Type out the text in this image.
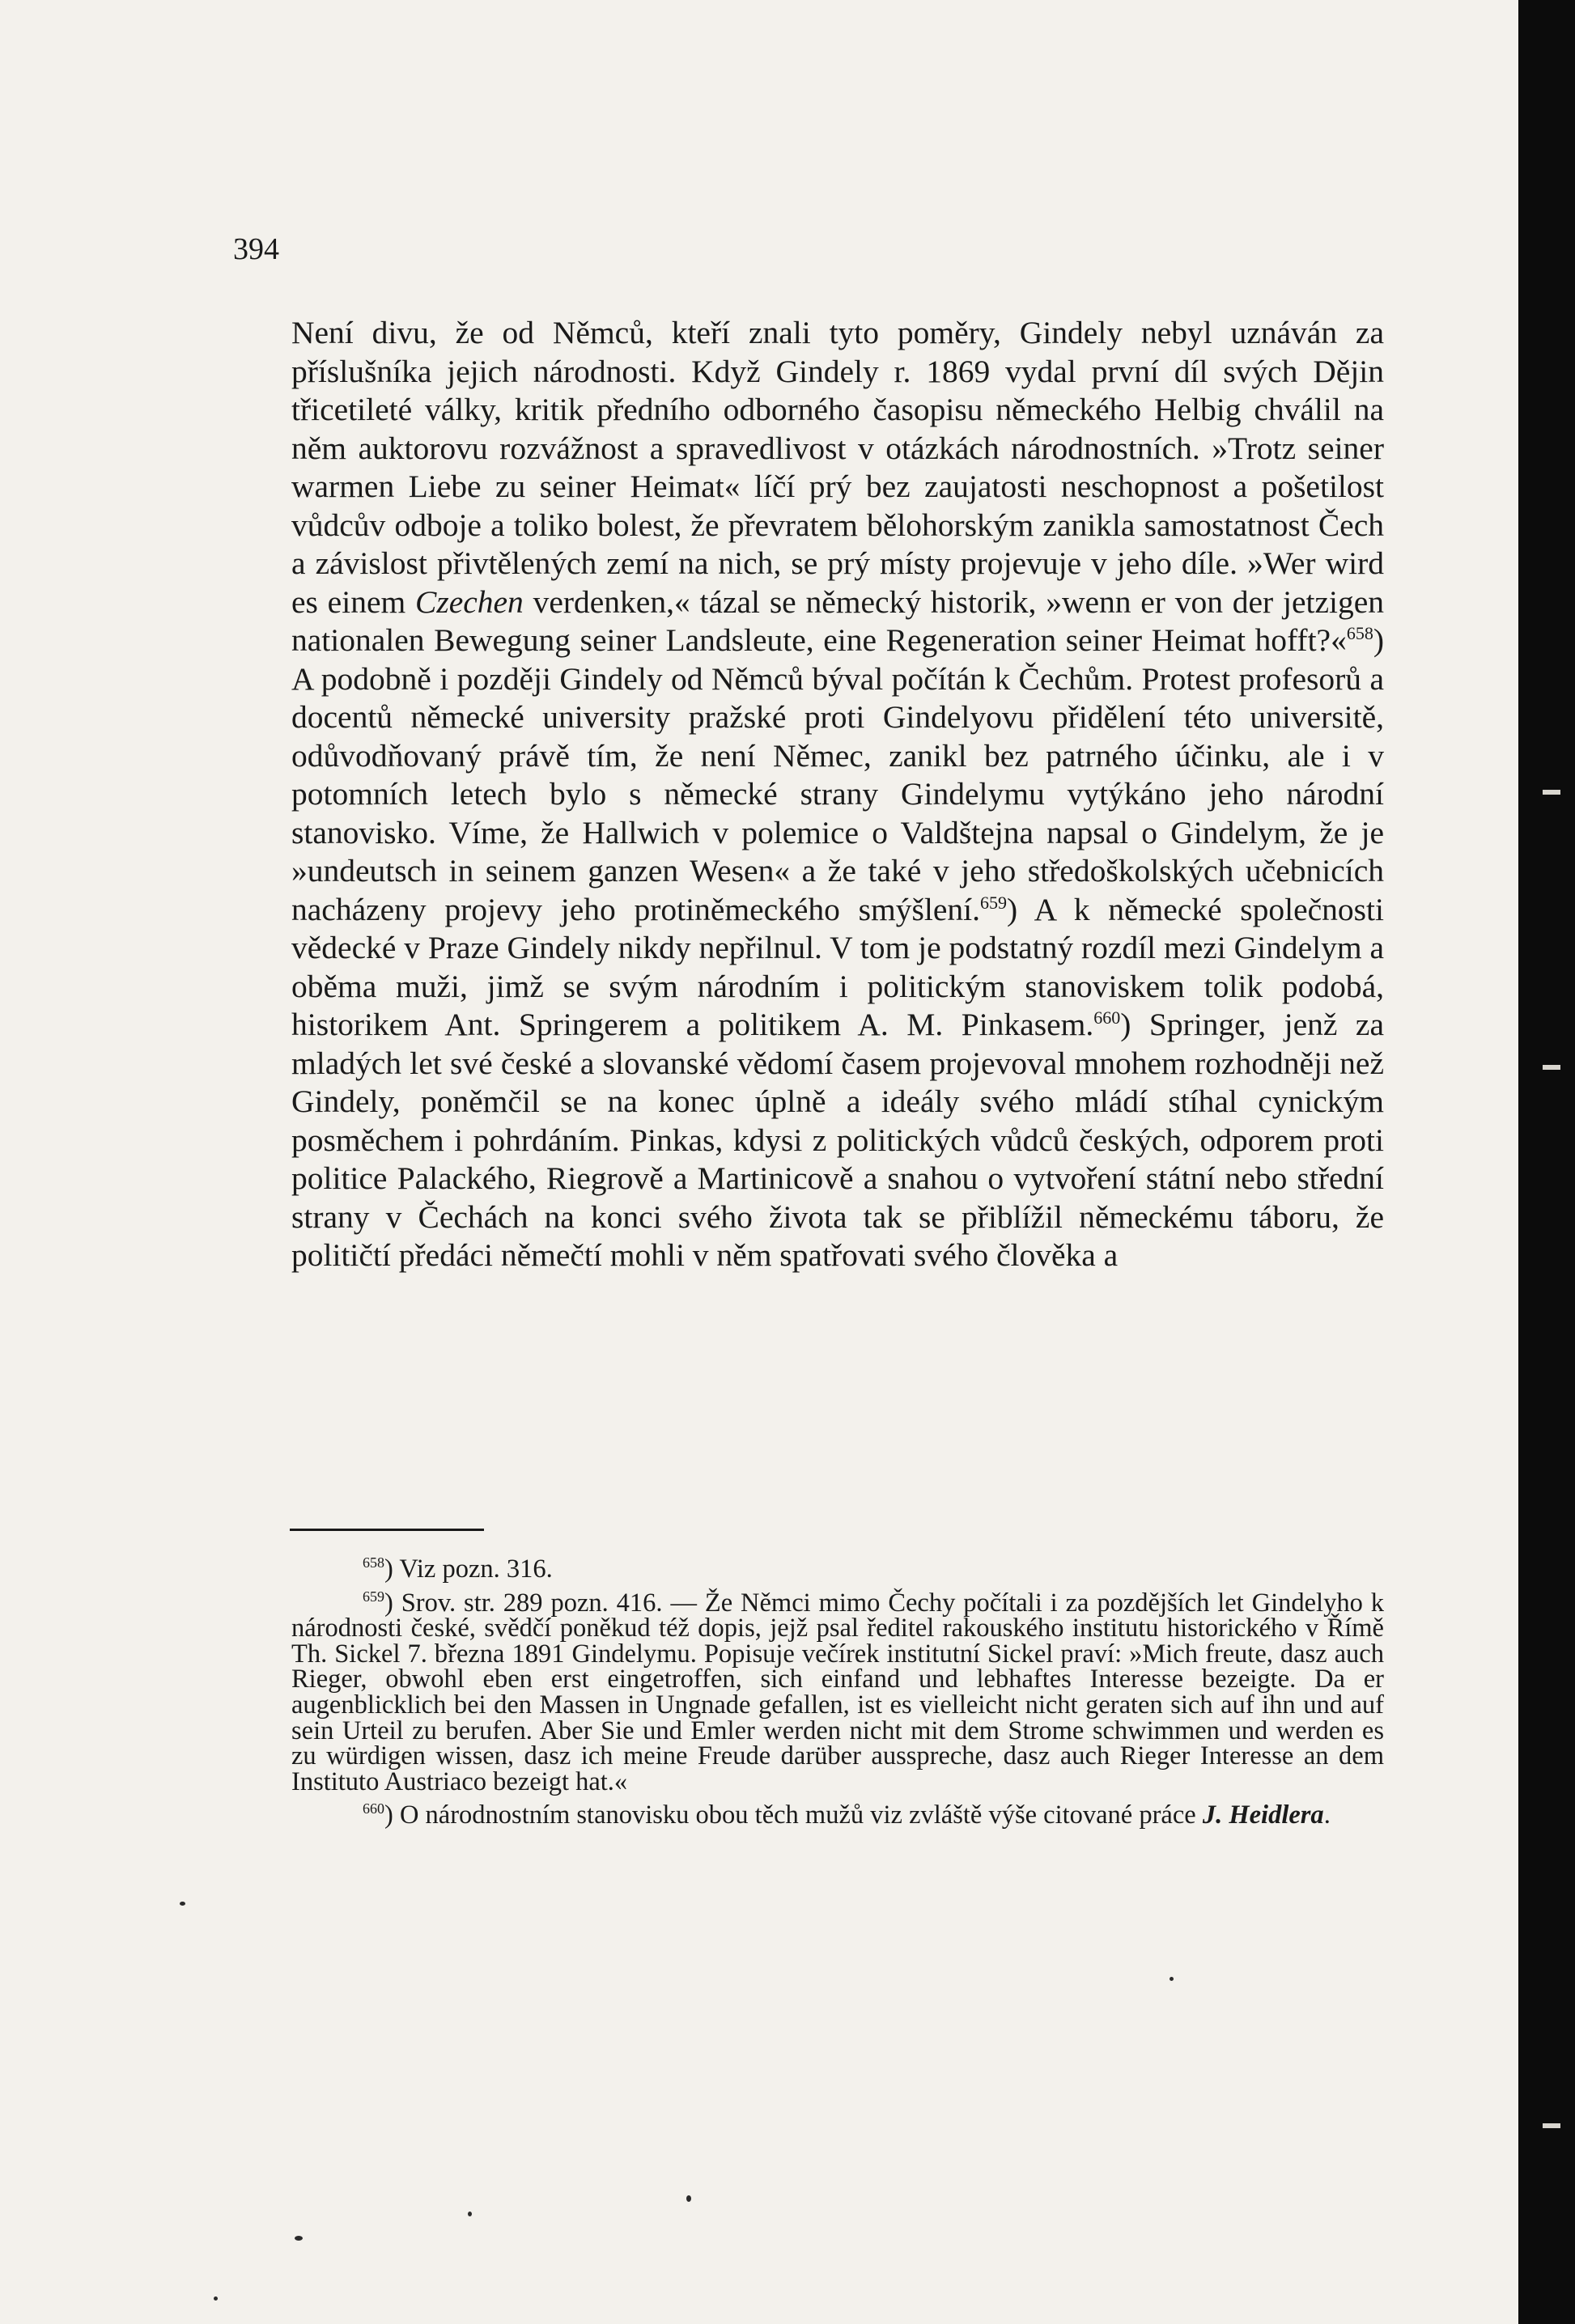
394

Není divu, že od Němců, kteří znali tyto poměry, Gindely nebyl uznáván za příslušníka jejich národnosti. Když Gindely r. 1869 vydal první díl svých Dějin třicetileté války, kritik předního odborného časopisu německého Helbig chválil na něm auktorovu rozvážnost a spravedlivost v otázkách národnostních. »Trotz seiner warmen Liebe zu seiner Heimat« líčí prý bez zaujatosti neschopnost a pošetilost vůdcův odboje a toliko bolest, že převratem bělohorským zanikla samostatnost Čech a závislost přivtělených zemí na nich, se prý místy projevuje v jeho díle. »Wer wird es einem Czechen verdenken,« tázal se německý historik, »wenn er von der jetzigen nationalen Bewegung seiner Landsleute, eine Regeneration seiner Heimat hofft?«$^{658}$) A podobně i později Gindely od Němců býval počítán k Čechům. Protest profesorů a docentů německé university pražské proti Gindelyovu přidělení této universitě, odůvodňovaný právě tím, že není Němec, zanikl bez patrného účinku, ale i v potomních letech bylo s německé strany Gindelymu vytýkáno jeho národní stanovisko. Víme, že Hallwich v polemice o Valdštejna napsal o Gindelym, že je »undeutsch in seinem ganzen Wesen« a že také v jeho středoškolských učebnicích nacházeny projevy jeho protiněmeckého smýšlení.$^{659}$) A k německé společnosti vědecké v Praze Gindely nikdy nepřilnul. V tom je podstatný rozdíl mezi Gindelym a oběma muži, jimž se svým národním i politickým stanoviskem tolik podobá, historikem Ant. Springerem a politikem A. M. Pinkasem.$^{660}$) Springer, jenž za mladých let své české a slovanské vědomí časem projevoval mnohem rozhodněji než Gindely, poněmčil se na konec úplně a ideály svého mládí stíhal cynickým posměchem i pohrdáním. Pinkas, kdysi z politických vůdců českých, odporem proti politice Palackého, Riegrově a Martinicově a snahou o vytvoření státní nebo střední strany v Čechách na konci svého života tak se přiblížil německému táboru, že političtí předáci němečtí mohli v něm spatřovati svého člověka a

$^{658}$) Viz pozn. 316.

$^{659}$) Srov. str. 289 pozn. 416. — Že Němci mimo Čechy počítali i za pozdějších let Gindelyho k národnosti české, svědčí poněkud též dopis, jejž psal ředitel rakouského institutu historického v Římě Th. Sickel 7. března 1891 Gindelymu. Popisuje večírek institutní Sickel praví: »Mich freute, dasz auch Rieger, obwohl eben erst eingetroffen, sich einfand und lebhaftes Interesse bezeigte. Da er augenblicklich bei den Massen in Ungnade gefallen, ist es vielleicht nicht geraten sich auf ihn und auf sein Urteil zu berufen. Aber Sie und Emler werden nicht mit dem Strome schwimmen und werden es zu würdigen wissen, dasz ich meine Freude darüber ausspreche, dasz auch Rieger Interesse an dem Instituto Austriaco bezeigt hat.«

$^{660}$) O národnostním stanovisku obou těch mužů viz zvláště výše citované práce J. Heidlera.
